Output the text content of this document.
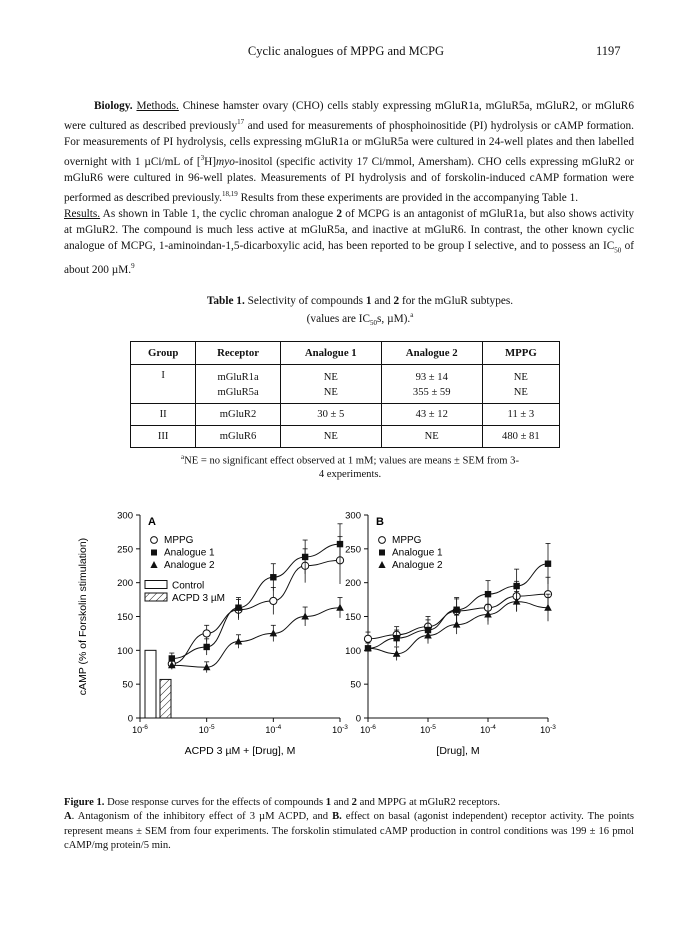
Cyclic analogues of MPPG and MCPG	1197

Biology. Methods. Chinese hamster ovary (CHO) cells stably expressing mGluR1a, mGluR5a, mGluR2, or mGluR6 were cultured as described previously$^{17}$ and used for measurements of phosphoinositide (PI) hydrolysis or cAMP formation. For measurements of PI hydrolysis, cells expressing mGluR1a or mGluR5a were cultured in 24-well plates and then labelled overnight with 1 µCi/mL of [$^3$H]myo-inositol (specific activity 17 Ci/mmol, Amersham). CHO cells expressing mGluR2 or mGluR6 were cultured in 96-well plates. Measurements of PI hydrolysis and of forskolin-induced cAMP formation were performed as described previously.$^{18,19}$ Results from these experiments are provided in the accompanying Table 1.

Results. As shown in Table 1, the cyclic chroman analogue 2 of MCPG is an antagonist of mGluR1a, but also shows activity at mGluR2. The compound is much less active at mGluR5a, and inactive at mGluR6. In contrast, the other known cyclic analogue of MCPG, 1-aminoindan-1,5-dicarboxylic acid, has been reported to be group I selective, and to possess an $IC_{50}$ of about 200 µM.$^9$

Table 1. Selectivity of compounds 1 and 2 for the mGluR subtypes. (values are $IC_{50}s$, µM).$^a$
Group	Receptor	Analogue 1	Analogue 2	MPPG
I	mGluR1a	NE	93 ± 14	NE
	mGluR5a	NE	355 ± 59	NE
II	mGluR2	30 ± 5	43 ± 12	11 ± 3
III	mGluR6	NE	NE	480 ± 81
$^a$NE = no significant effect observed at 1 mM; values are means ± SEM from 3-4 experiments.
0
50
100
150
200
250
300
$10^{-6}$	$10^{-5}$	$10^{-4}$	$10^{-3}$
A
ACPD 3 µM + [Drug], M
cAMP (% of Forskolin stimulation)	MPPG
Analogue 1
Analogue 2
Control
ACPD 3 µM
0
50
100
150
200
250
300
$10^{-6}$	$10^{-5}$	$10^{-4}$	$10^{-3}$
B
[Drug], M
MPPG
Analogue 1
Analogue 2
Figure 1. Dose response curves for the effects of compounds 1 and 2 and MPPG at mGluR2 receptors.
A. Antagonism of the inhibitory effect of 3 µM ACPD, and B. effect on basal (agonist independent) receptor activity. The points represent means ± SEM from four experiments. The forskolin stimulated cAMP production in control conditions was 199 ± 16 pmol cAMP/mg protein/5 min.
